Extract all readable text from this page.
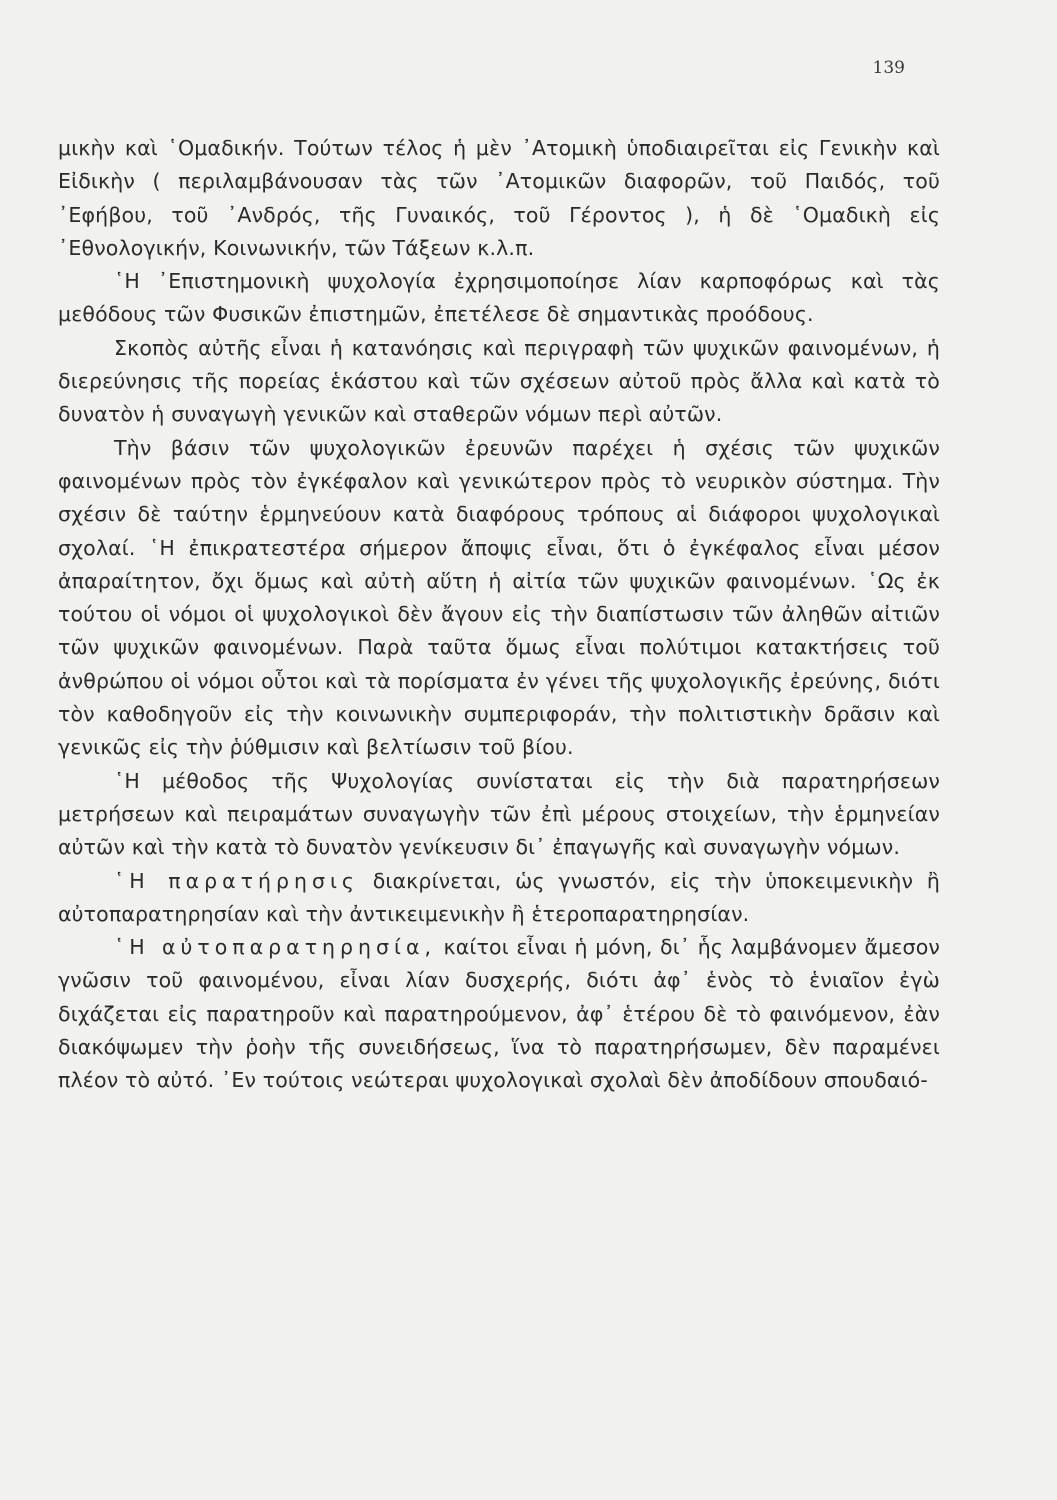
139

μικὴν καὶ ῾Ομαδικήν. Τούτων τέλος ἡ μὲν ᾿Ατομικὴ ὑποδιαιρεῖται εἰς Γενικὴν καὶ Εἰδικὴν ( περιλαμβάνουσαν τὰς τῶν ᾿Ατομικῶν διαφορῶν, τοῦ Παιδός, τοῦ ᾿Εφήβου, τοῦ ᾿Ανδρός, τῆς Γυναικός, τοῦ Γέροντος ), ἡ δὲ ῾Ομαδικὴ εἰς ᾿Εθνολογικήν, Κοινωνικήν, τῶν Τάξεων κ.λ.π.

῾Η ᾿Επιστημονικὴ ψυχολογία ἐχρησιμοποίησε λίαν καρποφόρως καὶ τὰς μεθόδους τῶν Φυσικῶν ἐπιστημῶν, ἐπετέλεσε δὲ σημαντικὰς προόδους.

Σκοπὸς αὐτῆς εἶναι ἡ κατανόησις καὶ περιγραφὴ τῶν ψυχικῶν φαινομένων, ἡ διερεύνησις τῆς πορείας ἑκάστου καὶ τῶν σχέσεων αὐτοῦ πρὸς ἄλλα καὶ κατὰ τὸ δυνατὸν ἡ συναγωγὴ γενικῶν καὶ σταθερῶν νόμων περὶ αὐτῶν.

Τὴν βάσιν τῶν ψυχολογικῶν ἐρευνῶν παρέχει ἡ σχέσις τῶν ψυχικῶν φαινομένων πρὸς τὸν ἐγκέφαλον καὶ γενικώτερον πρὸς τὸ νευρικὸν σύστημα. Τὴν σχέσιν δὲ ταύτην ἑρμηνεύουν κατὰ διαφόρους τρόπους αἱ διάφοροι ψυχολογικαὶ σχολαί. ῾Η ἐπικρατεστέρα σήμερον ἄποψις εἶναι, ὅτι ὁ ἐγκέφαλος εἶναι μέσον ἀπαραίτητον, ὄχι ὅμως καὶ αὐτὴ αὕτη ἡ αἰτία τῶν ψυχικῶν φαινομένων. ῾Ως ἐκ τούτου οἱ νόμοι οἱ ψυχολογικοὶ δὲν ἄγουν εἰς τὴν διαπίστωσιν τῶν ἀληθῶν αἰτιῶν τῶν ψυχικῶν φαινομένων. Παρὰ ταῦτα ὅμως εἶναι πολύτιμοι κατακτήσεις τοῦ ἀνθρώπου οἱ νόμοι οὗτοι καὶ τὰ πορίσματα ἐν γένει τῆς ψυχολογικῆς ἐρεύνης, διότι τὸν καθοδηγοῦν εἰς τὴν κοινωνικὴν συμπεριφοράν, τὴν πολιτιστικὴν δρᾶσιν καὶ γενικῶς εἰς τὴν ῥύθμισιν καὶ βελτίωσιν τοῦ βίου.

῾Η μέθοδος τῆς Ψυχολογίας συνίσταται εἰς τὴν διὰ παρατηρήσεων μετρήσεων καὶ πειραμάτων συναγωγὴν τῶν ἐπὶ μέρους στοιχείων, τὴν ἑρμηνείαν αὐτῶν καὶ τὴν κατὰ τὸ δυνατὸν γενίκευσιν δι᾿ ἐπαγωγῆς καὶ συναγωγὴν νόμων.

῾Η παρατήρησις διακρίνεται, ὡς γνωστόν, εἰς τὴν ὑποκειμενικὴν ἢ αὐτοπαρατηρησίαν καὶ τὴν ἀντικειμενικὴν ἢ ἑτεροπαρατηρησίαν.

῾Η αὐτοπαρατηρησία, καίτοι εἶναι ἡ μόνη, δι᾿ ἧς λαμβάνομεν ἄμεσον γνῶσιν τοῦ φαινομένου, εἶναι λίαν δυσχερής, διότι ἀφ᾿ ἑνὸς τὸ ἑνιαῖον ἐγὼ διχάζεται εἰς παρατηροῦν καὶ παρατηρούμενον, ἀφ᾿ ἑτέρου δὲ τὸ φαινόμενον, ἐὰν διακόψωμεν τὴν ῥοὴν τῆς συνειδήσεως, ἵνα τὸ παρατηρήσωμεν, δὲν παραμένει πλέον τὸ αὐτό. ᾿Εν τούτοις νεώτεραι ψυχολογικαὶ σχολαὶ δὲν ἀποδίδουν σπουδαιό-
